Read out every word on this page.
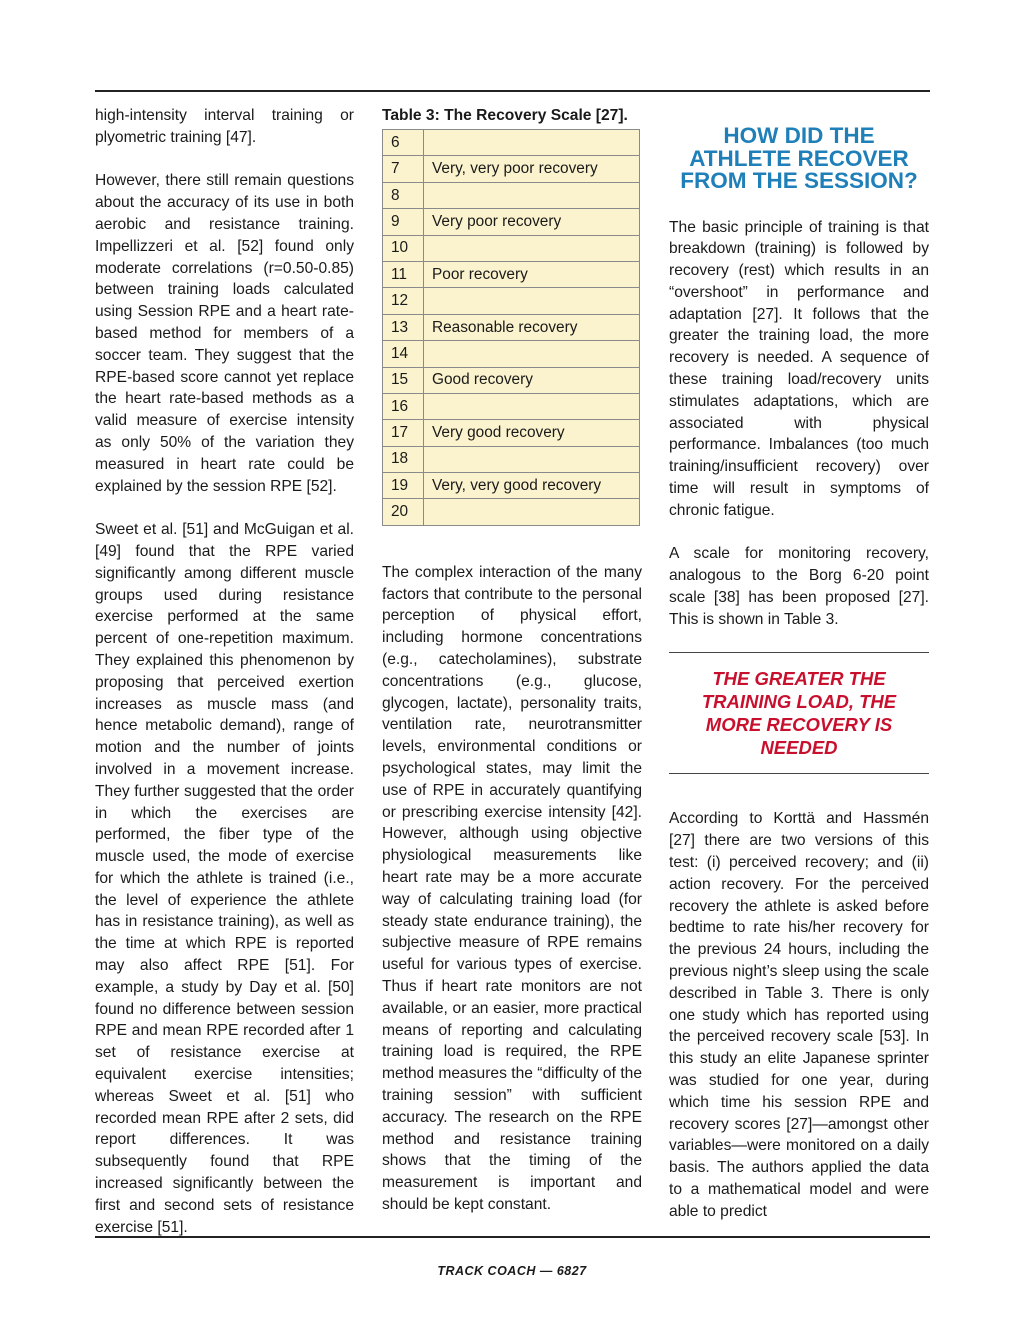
high-intensity interval training or plyometric training [47].

However, there still remain questions about the accuracy of its use in both aerobic and resistance training. Impellizzeri et al. [52] found only moderate correlations (r=0.50-0.85) between training loads calculated using Session RPE and a heart rate-based method for members of a soccer team. They suggest that the RPE-based score cannot yet replace the heart rate-based methods as a valid measure of exercise intensity as only 50% of the variation they measured in heart rate could be explained by the session RPE [52].

Sweet et al. [51] and McGuigan et al. [49] found that the RPE varied significantly among different muscle groups used during resistance exercise performed at the same percent of one-repetition maximum. They explained this phenomenon by proposing that perceived exertion increases as muscle mass (and hence metabolic demand), range of motion and the number of joints involved in a movement increase. They further suggested that the order in which the exercises are performed, the fiber type of the muscle used, the mode of exercise for which the athlete is trained (i.e., the level of experience the athlete has in resistance training), as well as the time at which RPE is reported may also affect RPE [51]. For example, a study by Day et al. [50] found no difference between session RPE and mean RPE recorded after 1 set of resistance exercise at equivalent exercise intensities; whereas Sweet et al. [51] who recorded mean RPE after 2 sets, did report differences. It was subsequently found that RPE increased significantly between the first and second sets of resistance exercise [51].

Table 3: The Recovery Scale [27].
6	
7	Very, very poor recovery
8	
9	Very poor recovery
10	
11	Poor recovery
12	
13	Reasonable recovery
14	
15	Good recovery
16	
17	Very good recovery
18	
19	Very, very good recovery
20	

The complex interaction of the many factors that contribute to the personal perception of physical effort, including hormone concentrations (e.g., catecholamines), substrate concentrations (e.g., glucose, glycogen, lactate), personality traits, ventilation rate, neurotransmitter levels, environmental conditions or psychological states, may limit the use of RPE in accurately quantifying or prescribing exercise intensity [42]. However, although using objective physiological measurements like heart rate may be a more accurate way of calculating training load (for steady state endurance training), the subjective measure of RPE remains useful for various types of exercise. Thus if heart rate monitors are not available, or an easier, more practical means of reporting and calculating training load is required, the RPE method measures the “difficulty of the training session” with sufficient accuracy. The research on the RPE method and resistance training shows that the timing of the measurement is important and should be kept constant.

HOW DID THE
ATHLETE RECOVER
FROM THE SESSION?

The basic principle of training is that breakdown (training) is followed by recovery (rest) which results in an “overshoot” in performance and adaptation [27]. It follows that the greater the training load, the more recovery is needed. A sequence of these training load/recovery units stimulates adaptations, which are associated with physical performance. Imbalances (too much training/insufficient recovery) over time will result in symptoms of chronic fatigue.

A scale for monitoring recovery, analogous to the Borg 6-20 point scale [38] has been proposed [27]. This is shown in Table 3.

THE GREATER THE
TRAINING LOAD, THE
MORE RECOVERY IS
NEEDED

According to Korttä and Hassmén [27] there are two versions of this test: (i) perceived recovery; and (ii) action recovery. For the perceived recovery the athlete is asked before bedtime to rate his/her recovery for the previous 24 hours, including the previous night’s sleep using the scale described in Table 3. There is only one study which has reported using the perceived recovery scale [53]. In this study an elite Japanese sprinter was studied for one year, during which time his session RPE and recovery scores [27]—amongst other variables—were monitored on a daily basis. The authors applied the data to a mathematical model and were able to predict

TRACK COACH — 6827
